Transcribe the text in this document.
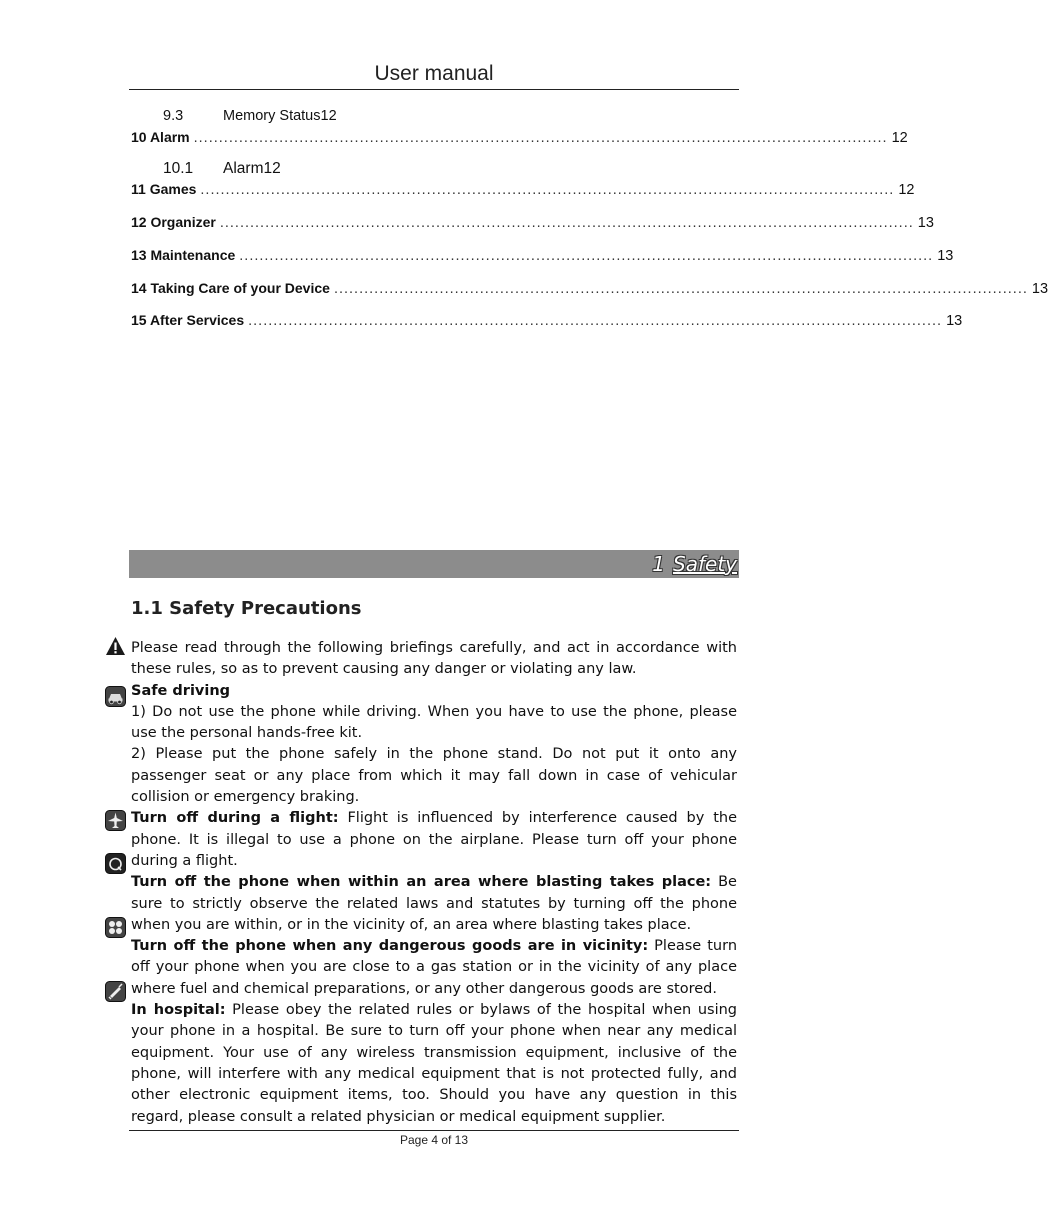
User manual
9.3	Memory Status12
10 Alarm .......................................................................................................................................... 12
10.1 Alarm12
11 Games .......................................................................................................................................... 12
12 Organizer .......................................................................................................................................... 13
13 Maintenance .......................................................................................................................................... 13
14 Taking Care of your Device .......................................................................................................................................... 13
15 After Services .......................................................................................................................................... 13
1 Safety
1.1 Safety Precautions

Please read through the following briefings carefully, and act in accordance with these rules, so as to prevent causing any danger or violating any law.

Safe driving

1) Do not use the phone while driving. When you have to use the phone, please use the personal hands-free kit.

2) Please put the phone safely in the phone stand. Do not put it onto any passenger seat or any place from which it may fall down in case of vehicular collision or emergency braking.

Turn off during a flight: Flight is influenced by interference caused by the phone. It is illegal to use a phone on the airplane. Please turn off your phone during a flight.

Turn off the phone when within an area where blasting takes place: Be sure to strictly observe the related laws and statutes by turning off the phone when you are within, or in the vicinity of, an area where blasting takes place.

Turn off the phone when any dangerous goods are in vicinity: Please turn off your phone when you are close to a gas station or in the vicinity of any place where fuel and chemical preparations, or any other dangerous goods are stored.

In hospital: Please obey the related rules or bylaws of the hospital when using your phone in a hospital. Be sure to turn off your phone when near any medical equipment. Your use of any wireless transmission equipment, inclusive of the phone, will interfere with any medical equipment that is not protected fully, and other electronic equipment items, too. Should you have any question in this regard, please consult a related physician or medical equipment supplier.

Page 4 of 13
